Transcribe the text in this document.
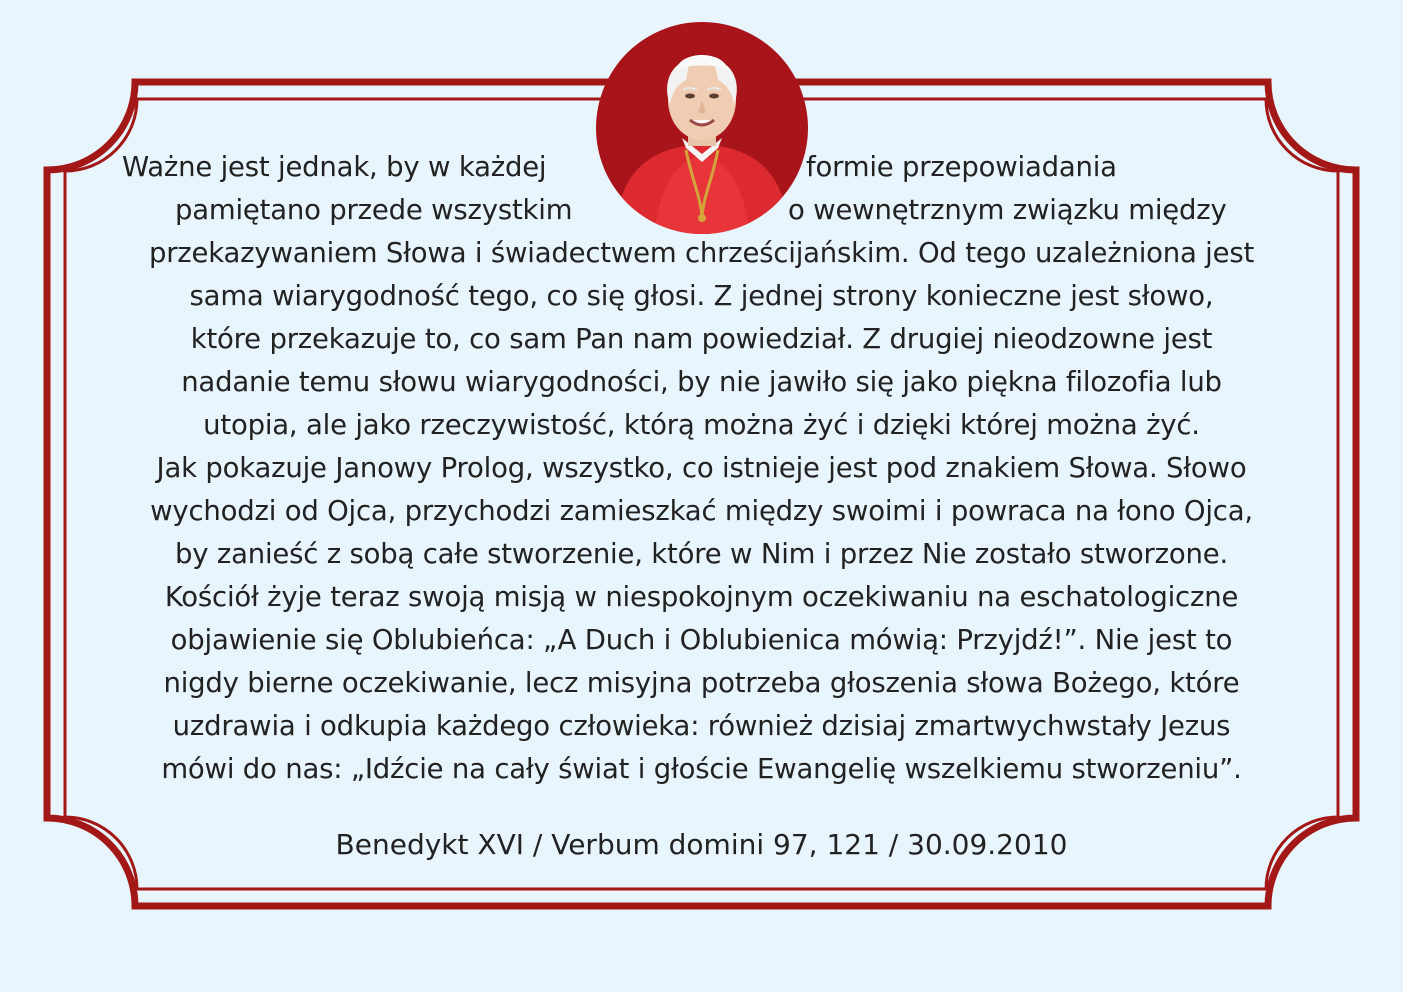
Ważne jest jednak, by w każdej	formie przepowiadania
pamiętano przede wszystkim	o wewnętrznym związku między
przekazywaniem Słowa i świadectwem chrześcijańskim. Od tego uzależniona jest
sama wiarygodność tego, co się głosi. Z jednej strony konieczne jest słowo,
które przekazuje to, co sam Pan nam powiedział. Z drugiej nieodzowne jest
nadanie temu słowu wiarygodności, by nie jawiło się jako piękna filozofia lub
utopia, ale jako rzeczywistość, którą można żyć i dzięki której można żyć.
Jak pokazuje Janowy Prolog, wszystko, co istnieje jest pod znakiem Słowa. Słowo
wychodzi od Ojca, przychodzi zamieszkać między swoimi i powraca na łono Ojca,
by zanieść z sobą całe stworzenie, które w Nim i przez Nie zostało stworzone.
Kościół żyje teraz swoją misją w niespokojnym oczekiwaniu na eschatologiczne
objawienie się Oblubieńca: „A Duch i Oblubienica mówią: Przyjdź!”. Nie jest to
nigdy bierne oczekiwanie, lecz misyjna potrzeba głoszenia słowa Bożego, które
uzdrawia i odkupia każdego człowieka: również dzisiaj zmartwychwstały Jezus
mówi do nas: „Idźcie na cały świat i głoście Ewangelię wszelkiemu stworzeniu”.
Benedykt XVI / Verbum domini 97, 121 / 30.09.2010
